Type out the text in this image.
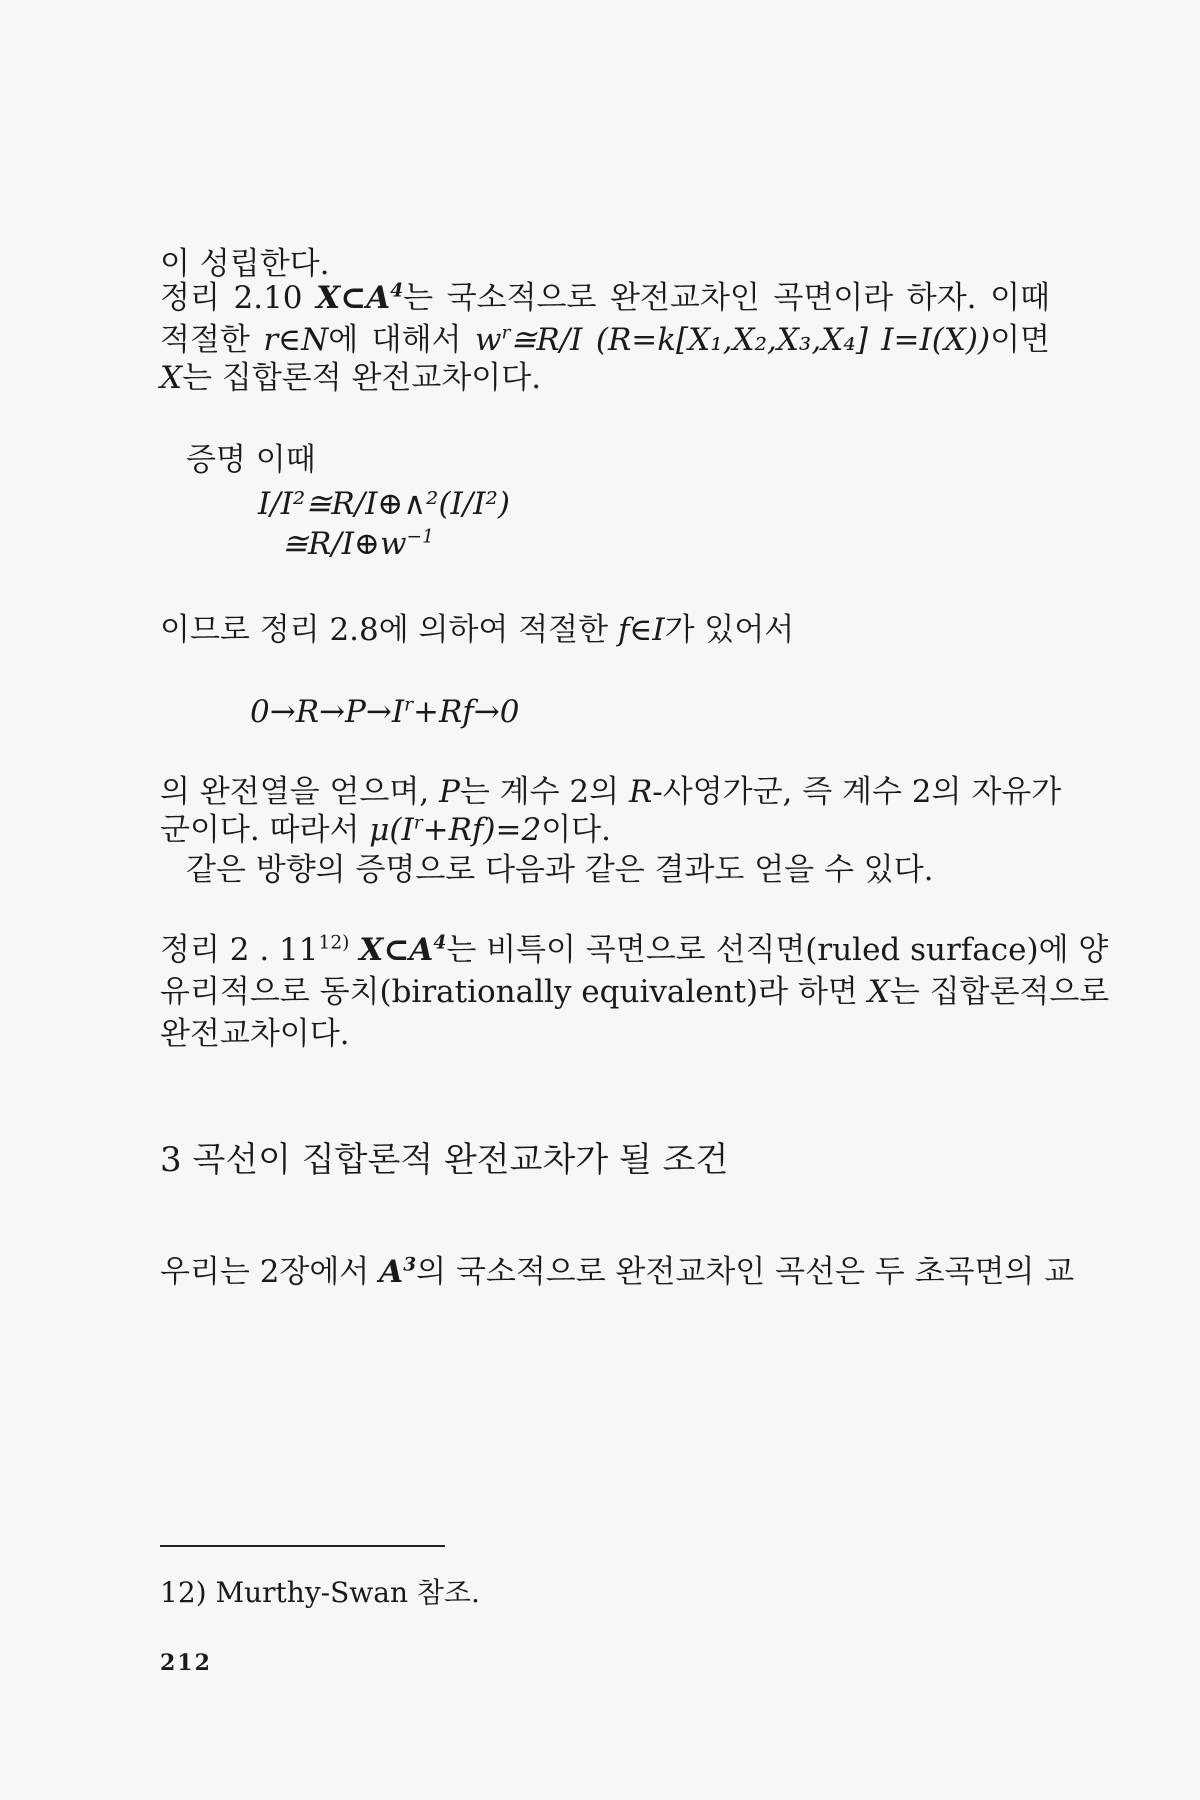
이 성립한다.
정리 2.10 $X\subset A^4$는 국소적으로 완전교차인 곡면이라 하자. 이때
적절한 r∈N에 대해서 $w^r≅R/I$ (R=k[X₁,X₂,X₃,X₄] I=I(X))이면
X는 집합론적 완전교차이다.
증명 이때
I/I²≅R/I⊕∧²(I/I²)
$≅R/I\oplus w^{-1}$
이므로 정리 2.8에 의하여 적절한 f∈I가 있어서
$0\to R\to P\to I^r+Rf\to 0$
의 완전열을 얻으며, P는 계수 2의 R-사영가군, 즉 계수 2의 자유가
군이다. 따라서 $\mu(I^r+Rf)=2$이다.
같은 방향의 증명으로 다음과 같은 결과도 얻을 수 있다.
정리 2 . 11$^{12)}$ $X\subset A^4$는 비특이 곡면으로 선직면(ruled surface)에 양
유리적으로 동치(birationally equivalent)라 하면 X는 집합론적으로
완전교차이다.
3 곡선이 집합론적 완전교차가 될 조건
우리는 2장에서 $A^3$의 국소적으로 완전교차인 곡선은 두 초곡면의 교
12) Murthy-Swan 참조.
212
